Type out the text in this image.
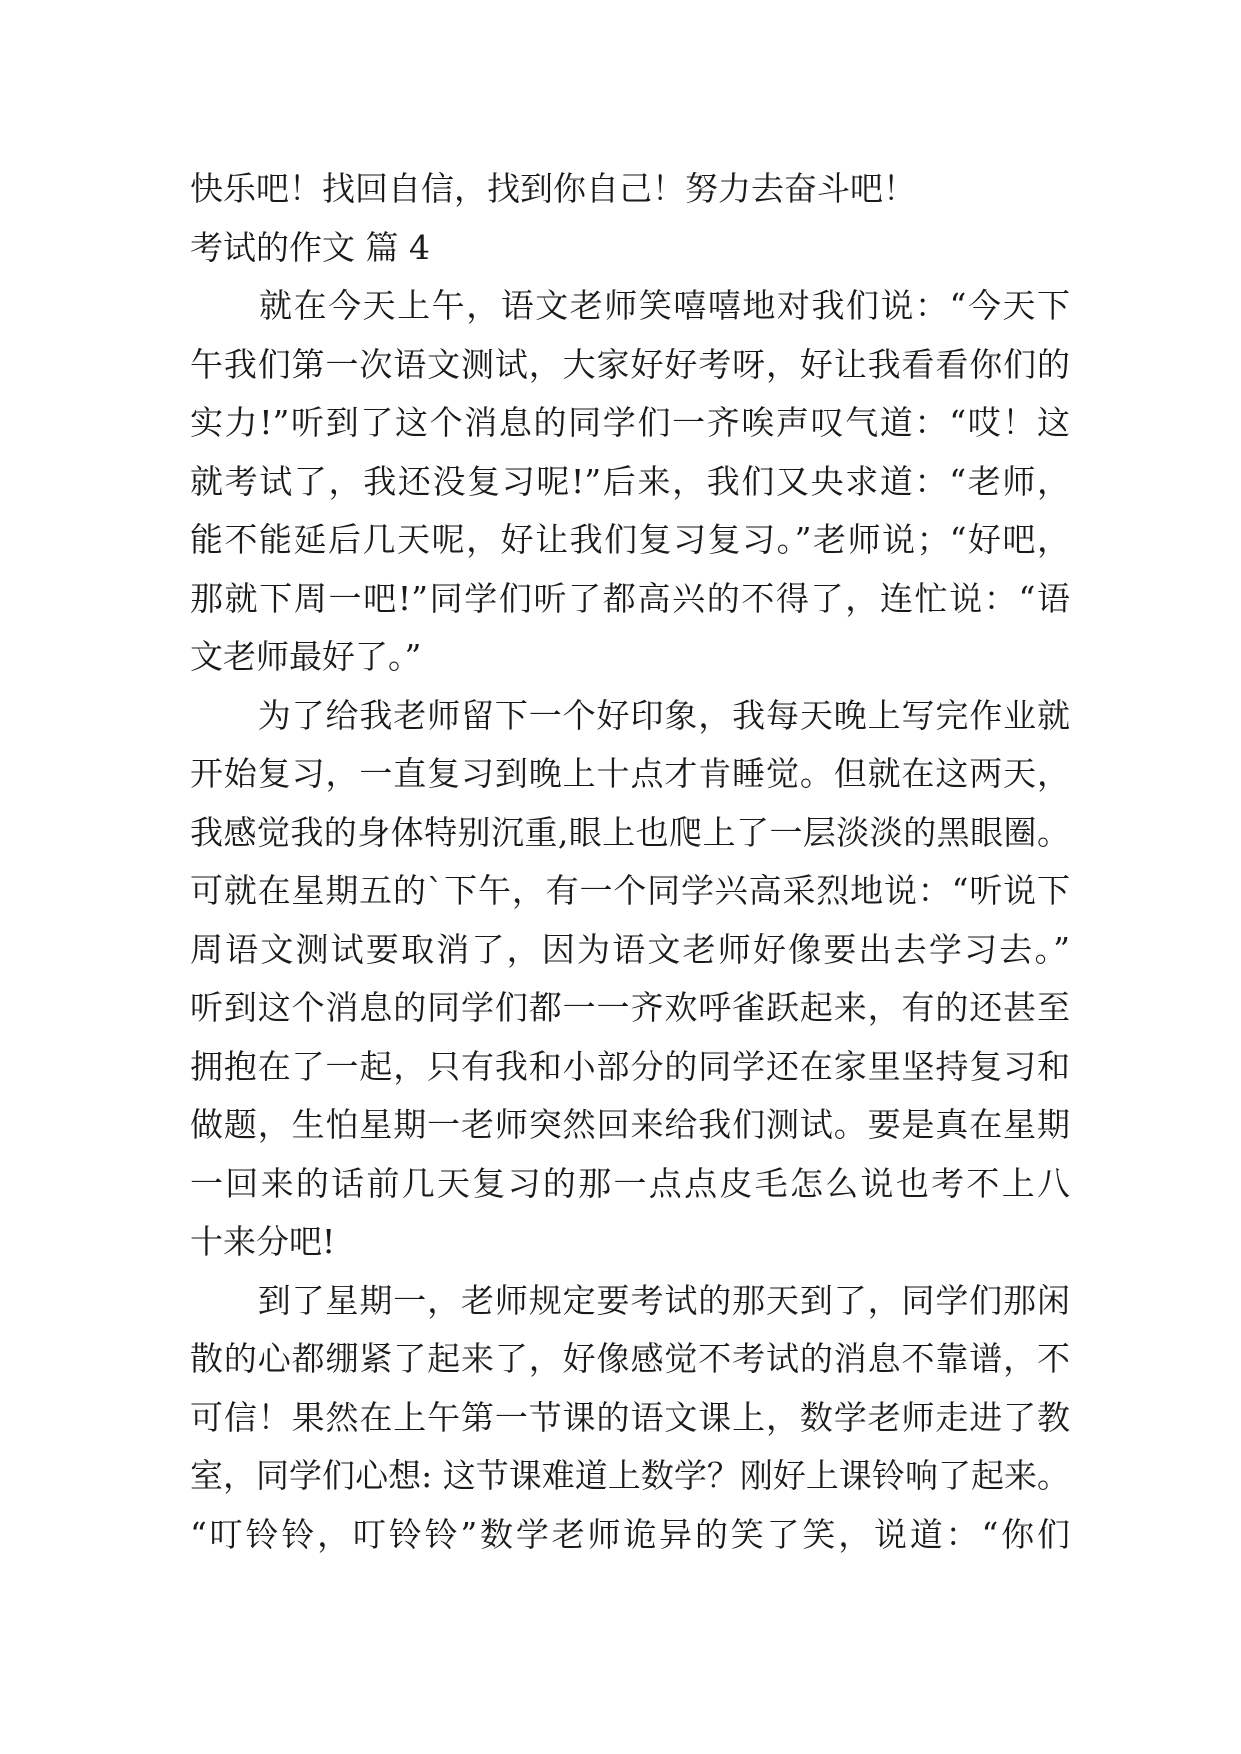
快乐吧！找回自信，找到你自己！努力去奋斗吧！
考试的作文 篇 4
　　就在今天上午，语文老师笑嘻嘻地对我们说：“今天下
午我们第一次语文测试，大家好好考呀，好让我看看你们的
实力!”听到了这个消息的同学们一齐唉声叹气道：“哎！这
就考试了，我还没复习呢!”后来，我们又央求道：“老师，
能不能延后几天呢，好让我们复习复习。”老师说；“好吧，
那就下周一吧!”同学们听了都高兴的不得了，连忙说：“语
文老师最好了。”
　　为了给我老师留下一个好印象，我每天晚上写完作业就
开始复习，一直复习到晚上十点才肯睡觉。但就在这两天，
我感觉我的身体特别沉重,眼上也爬上了一层淡淡的黑眼圈。
可就在星期五的`下午，有一个同学兴高采烈地说：“听说下
周语文测试要取消了，因为语文老师好像要出去学习去。”
听到这个消息的同学们都一一齐欢呼雀跃起来，有的还甚至
拥抱在了一起，只有我和小部分的同学还在家里坚持复习和
做题，生怕星期一老师突然回来给我们测试。要是真在星期
一回来的话前几天复习的那一点点皮毛怎么说也考不上八
十来分吧!
　　到了星期一，老师规定要考试的那天到了，同学们那闲
散的心都绷紧了起来了，好像感觉不考试的消息不靠谱，不
可信！果然在上午第一节课的语文课上，数学老师走进了教
室，同学们心想: 这节课难道上数学？刚好上课铃响了起来。
“叮铃铃，叮铃铃”数学老师诡异的笑了笑，说道：“你们
